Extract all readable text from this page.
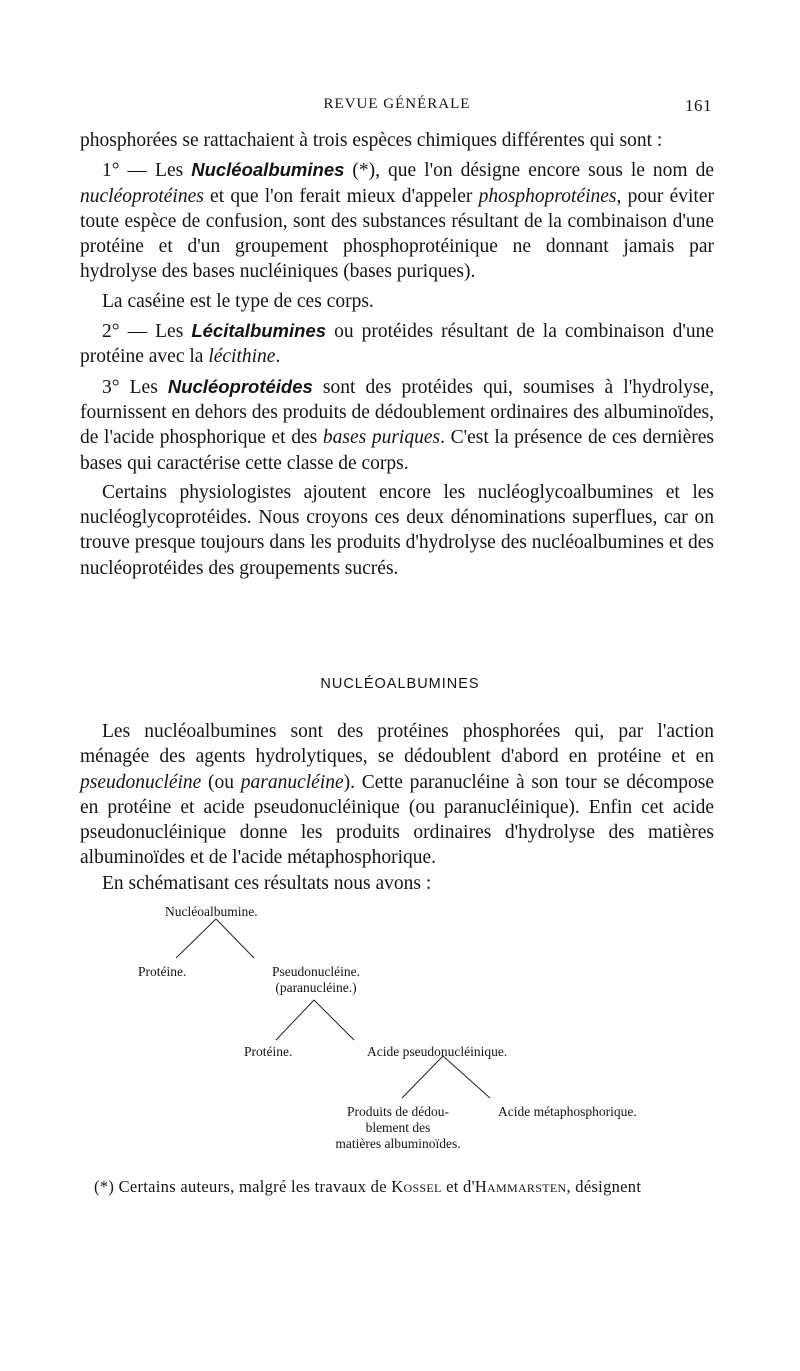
REVUE GÉNÉRALE	161

phosphorées se rattachaient à trois espèces chimiques différentes qui sont :

1° — Les Nucléoalbumines (*), que l'on désigne encore sous le nom de nucléoprotéines et que l'on ferait mieux d'appeler phosphoprotéines, pour éviter toute espèce de confusion, sont des substances résultant de la combinaison d'une protéine et d'un groupement phosphoprotéinique ne donnant jamais par hydrolyse des bases nucléiniques (bases puriques).

La caséine est le type de ces corps.

2° — Les Lécitalbumines ou protéides résultant de la combinaison d'une protéine avec la lécithine.

3° Les Nucléoprotéides sont des protéides qui, soumises à l'hydrolyse, fournissent en dehors des produits de dédoublement ordinaires des albuminoïdes, de l'acide phosphorique et des bases puriques. C'est la présence de ces dernières bases qui caractérise cette classe de corps.

Certains physiologistes ajoutent encore les nucléoglycoalbumines et les nucléoglycoprotéides. Nous croyons ces deux dénominations superflues, car on trouve presque toujours dans les produits d'hydrolyse des nucléoalbumines et des nucléoprotéides des groupements sucrés.

NUCLÉOALBUMINES

Les nucléoalbumines sont des protéines phosphorées qui, par l'action ménagée des agents hydrolytiques, se dédoublent d'abord en protéine et en pseudonucléine (ou paranucléine). Cette paranucléine à son tour se décompose en protéine et acide pseudonucléinique (ou paranucléinique). Enfin cet acide pseudonucléinique donne les produits ordinaires d'hydrolyse des matières albuminoïdes et de l'acide métaphosphorique.

En schématisant ces résultats nous avons :

Nucléoalbumine.
Protéine.	Pseudonucléine.
(paranucléine.)
Protéine.	Acide pseudonucléinique.
Produits de dédou-
blement des
matières albuminoïdes.
Acide métaphosphorique.
(*) Certains auteurs, malgré les travaux de Kossel et d'Hammarsten, désignent
